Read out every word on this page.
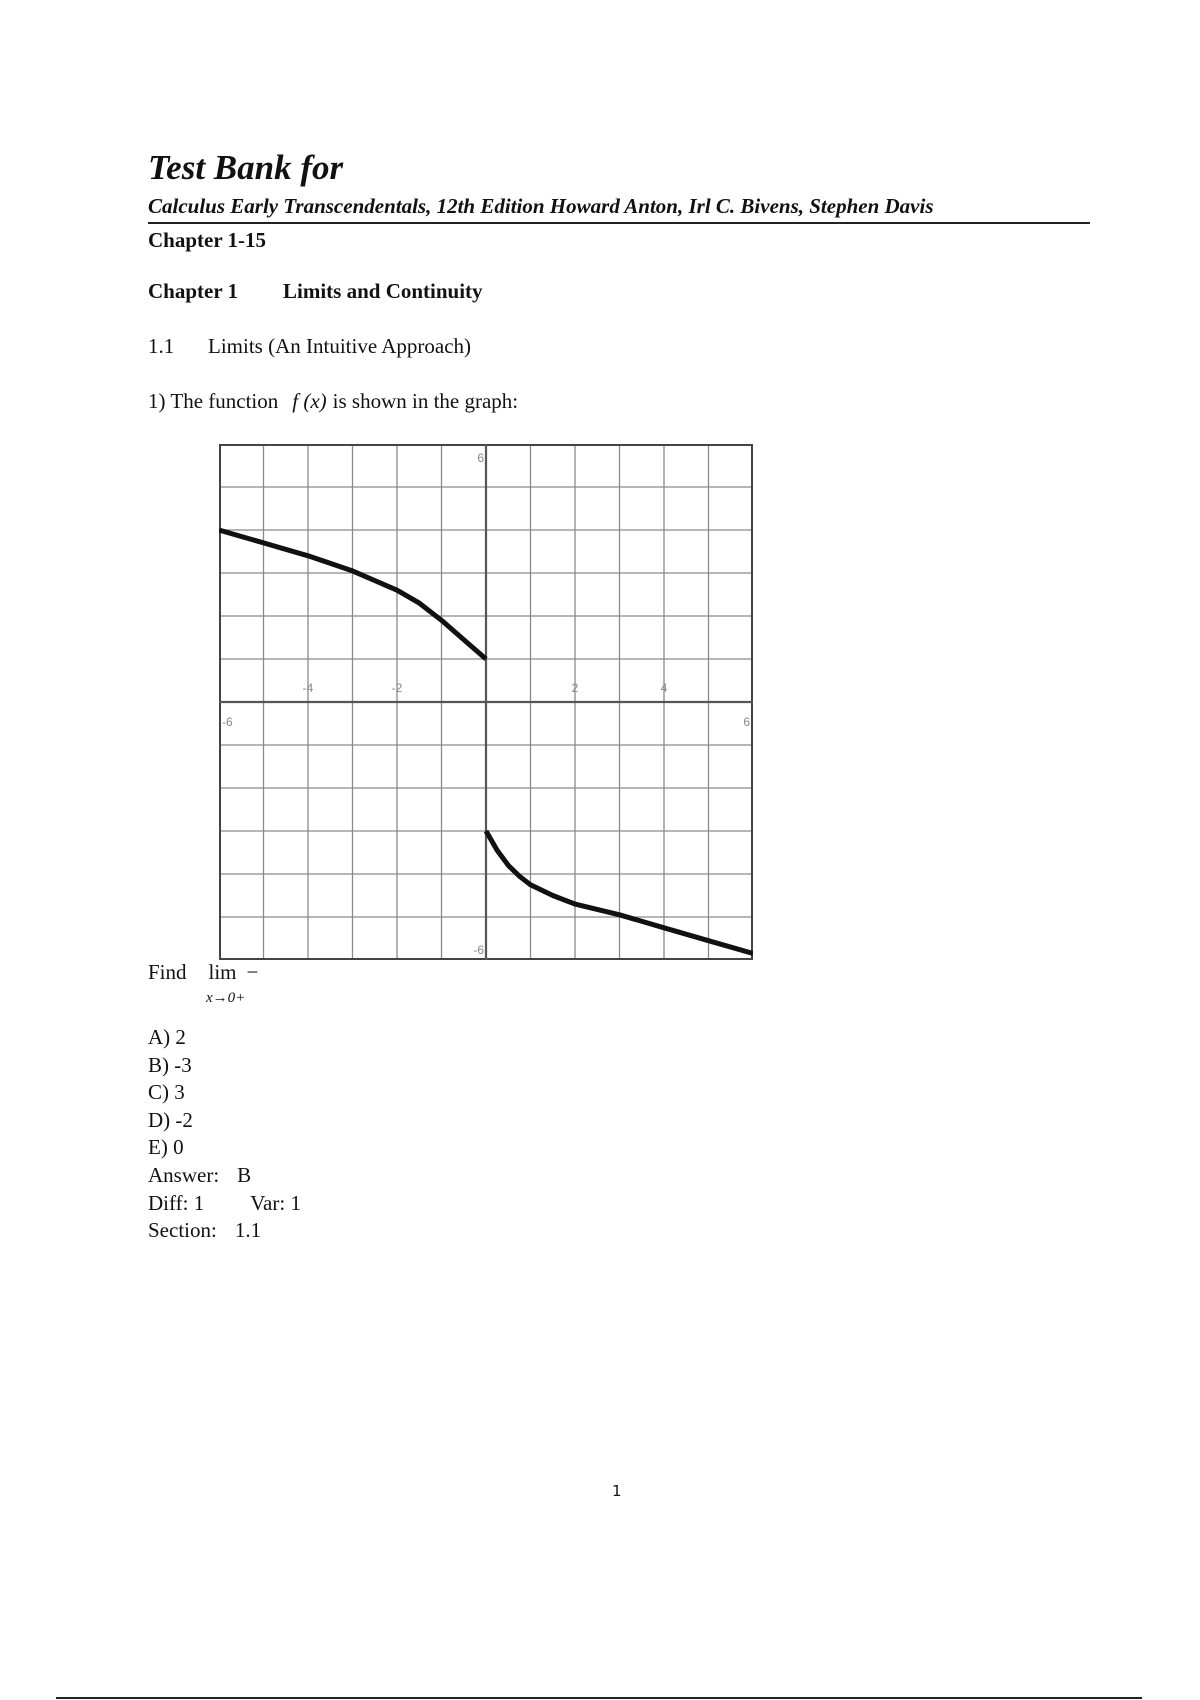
Test Bank for
Calculus Early Transcendentals, 12th Edition Howard Anton, Irl C. Bivens, Stephen Davis
Chapter 1-15
Chapter 1 Limits and Continuity
1.1 Limits (An Intuitive Approach)
1) The function f (x) is shown in the graph:
-6
-4	-2	2	4
6
6
-6
Find lim −
x→0+
A) 2
B) -3
C) 3
D) -2
E) 0
Answer: B
Diff: 1 Var: 1
Section: 1.1
1
